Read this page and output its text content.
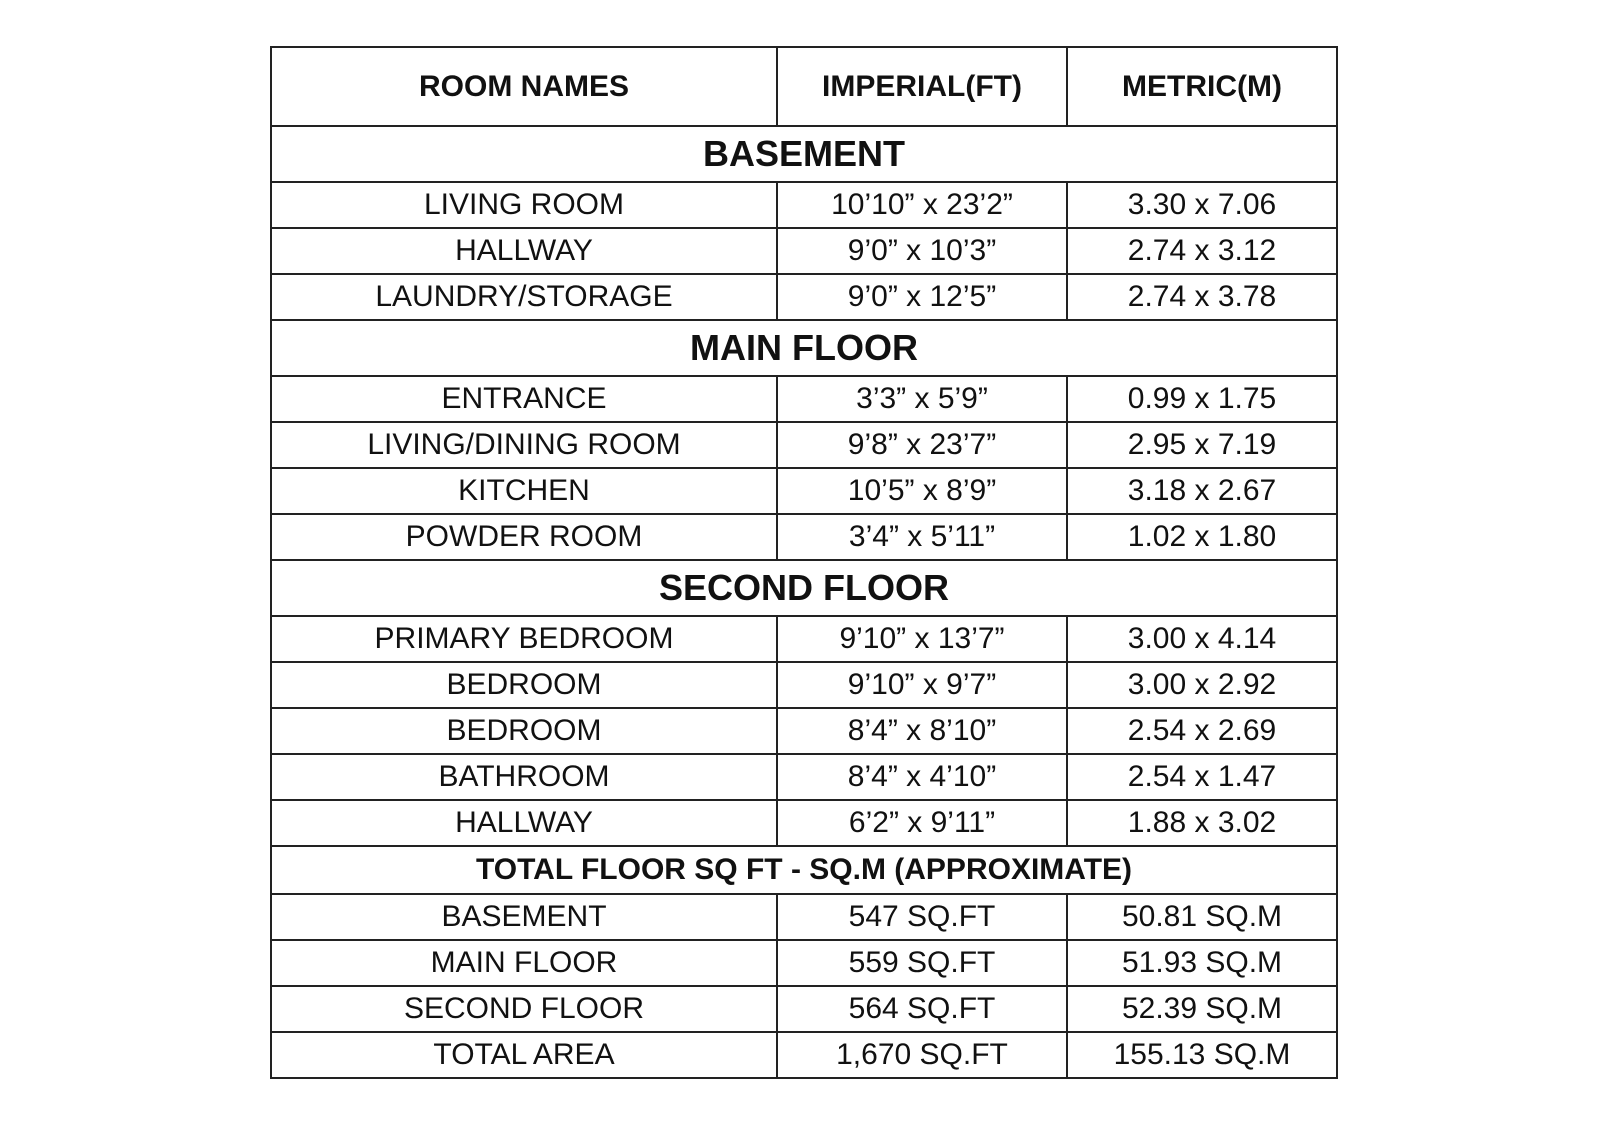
ROOM NAMES	IMPERIAL(FT)	METRIC(M)
BASEMENT		
LIVING ROOM	10’10” x 23’2”	3.30 x 7.06
HALLWAY	9’0” x 10’3”	2.74 x 3.12
LAUNDRY/STORAGE	9’0” x 12’5”	2.74 x 3.78
MAIN FLOOR		
ENTRANCE	3’3” x 5’9”	0.99 x 1.75
LIVING/DINING ROOM	9’8” x 23’7”	2.95 x 7.19
KITCHEN	10’5” x 8’9”	3.18 x 2.67
POWDER ROOM	3’4” x 5’11”	1.02 x 1.80
SECOND FLOOR		
PRIMARY BEDROOM	9’10” x 13’7”	3.00 x 4.14
BEDROOM	9’10” x 9’7”	3.00 x 2.92
BEDROOM	8’4” x 8’10”	2.54 x 2.69
BATHROOM	8’4” x 4’10”	2.54 x 1.47
HALLWAY	6’2” x 9’11”	1.88 x 3.02
TOTAL FLOOR SQ FT - SQ.M (APPROXIMATE)		
BASEMENT	547 SQ.FT	50.81 SQ.M
MAIN FLOOR	559 SQ.FT	51.93 SQ.M
SECOND FLOOR	564 SQ.FT	52.39 SQ.M
TOTAL AREA	1,670 SQ.FT	155.13 SQ.M
